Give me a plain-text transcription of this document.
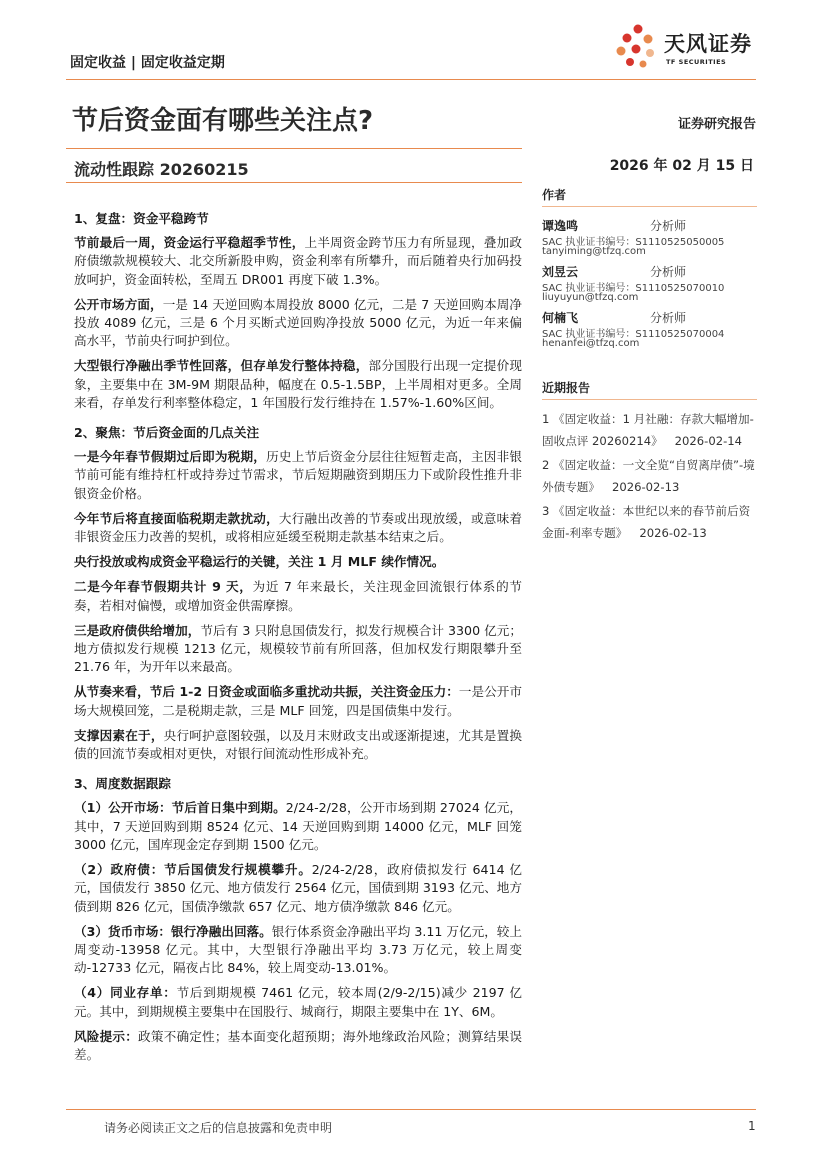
固定收益 | 固定收益定期
天风证券
TF SECURITIES
节后资金面有哪些关注点?	证券研究报告
流动性跟踪 20260215	2026 年 02 月 15 日
1、复盘：资金平稳跨节
节前最后一周，资金运行平稳超季节性，上半周资金跨节压力有所显现，叠加政府债缴款规模较大、北交所新股申购，资金利率有所攀升，而后随着央行加码投放呵护，资金面转松，至周五 DR001 再度下破 1.3%。
公开市场方面，一是 14 天逆回购本周投放 8000 亿元，二是 7 天逆回购本周净投放 4089 亿元，三是 6 个月买断式逆回购净投放 5000 亿元，为近一年来偏高水平，节前央行呵护到位。
大型银行净融出季节性回落，但存单发行整体持稳，部分国股行出现一定提价现象，主要集中在 3M-9M 期限品种，幅度在 0.5-1.5BP，上半周相对更多。全周来看，存单发行利率整体稳定，1 年国股行发行维持在 1.57%-1.60%区间。
2、聚焦：节后资金面的几点关注
一是今年春节假期过后即为税期，历史上节后资金分层往往短暂走高，主因非银节前可能有维持杠杆或持券过节需求，节后短期融资到期压力下或阶段性推升非银资金价格。
今年节后将直接面临税期走款扰动，大行融出改善的节奏或出现放缓，或意味着非银资金压力改善的契机，或将相应延缓至税期走款基本结束之后。
央行投放或构成资金平稳运行的关键，关注 1 月 MLF 续作情况。
二是今年春节假期共计 9 天，为近 7 年来最长，关注现金回流银行体系的节奏，若相对偏慢，或增加资金供需摩擦。
三是政府债供给增加，节后有 3 只附息国债发行，拟发行规模合计 3300 亿元；地方债拟发行规模 1213 亿元，规模较节前有所回落，但加权发行期限攀升至 21.76 年，为开年以来最高。
从节奏来看，节后 1-2 日资金或面临多重扰动共振，关注资金压力：一是公开市场大规模回笼，二是税期走款，三是 MLF 回笼，四是国债集中发行。
支撑因素在于，央行呵护意图较强，以及月末财政支出或逐渐提速，尤其是置换债的回流节奏或相对更快，对银行间流动性形成补充。
3、周度数据跟踪
（1）公开市场：节后首日集中到期。2/24-2/28，公开市场到期 27024 亿元，其中，7 天逆回购到期 8524 亿元、14 天逆回购到期 14000 亿元，MLF 回笼 3000 亿元，国库现金定存到期 1500 亿元。
（2）政府债：节后国债发行规模攀升。2/24-2/28，政府债拟发行 6414 亿元，国债发行 3850 亿元、地方债发行 2564 亿元，国债到期 3193 亿元、地方债到期 826 亿元，国债净缴款 657 亿元、地方债净缴款 846 亿元。
（3）货币市场：银行净融出回落。银行体系资金净融出平均 3.11 万亿元，较上周变动-13958 亿元。其中，大型银行净融出平均 3.73 万亿元，较上周变动-12733 亿元，隔夜占比 84%，较上周变动-13.01%。
（4）同业存单：节后到期规模 7461 亿元，较本周(2/9-2/15)减少 2197 亿元。其中，到期规模主要集中在国股行、城商行，期限主要集中在 1Y、6M。
风险提示：政策不确定性；基本面变化超预期；海外地缘政治风险；测算结果误差。
作者
谭逸鸣	分析师
SAC 执业证书编号：S1110525050005
tanyiming@tfzq.com
刘昱云	分析师
SAC 执业证书编号：S1110525070010
liuyuyun@tfzq.com
何楠飞	分析师
SAC 执业证书编号：S1110525070004
henanfei@tfzq.com
近期报告
1 《固定收益：1 月社融：存款大幅增加-固收点评 20260214》 2026-02-14
2 《固定收益：一文全览“自贸离岸债”-境外债专题》 2026-02-13
3 《固定收益：本世纪以来的春节前后资金面-利率专题》 2026-02-13
请务必阅读正文之后的信息披露和免责申明	1
